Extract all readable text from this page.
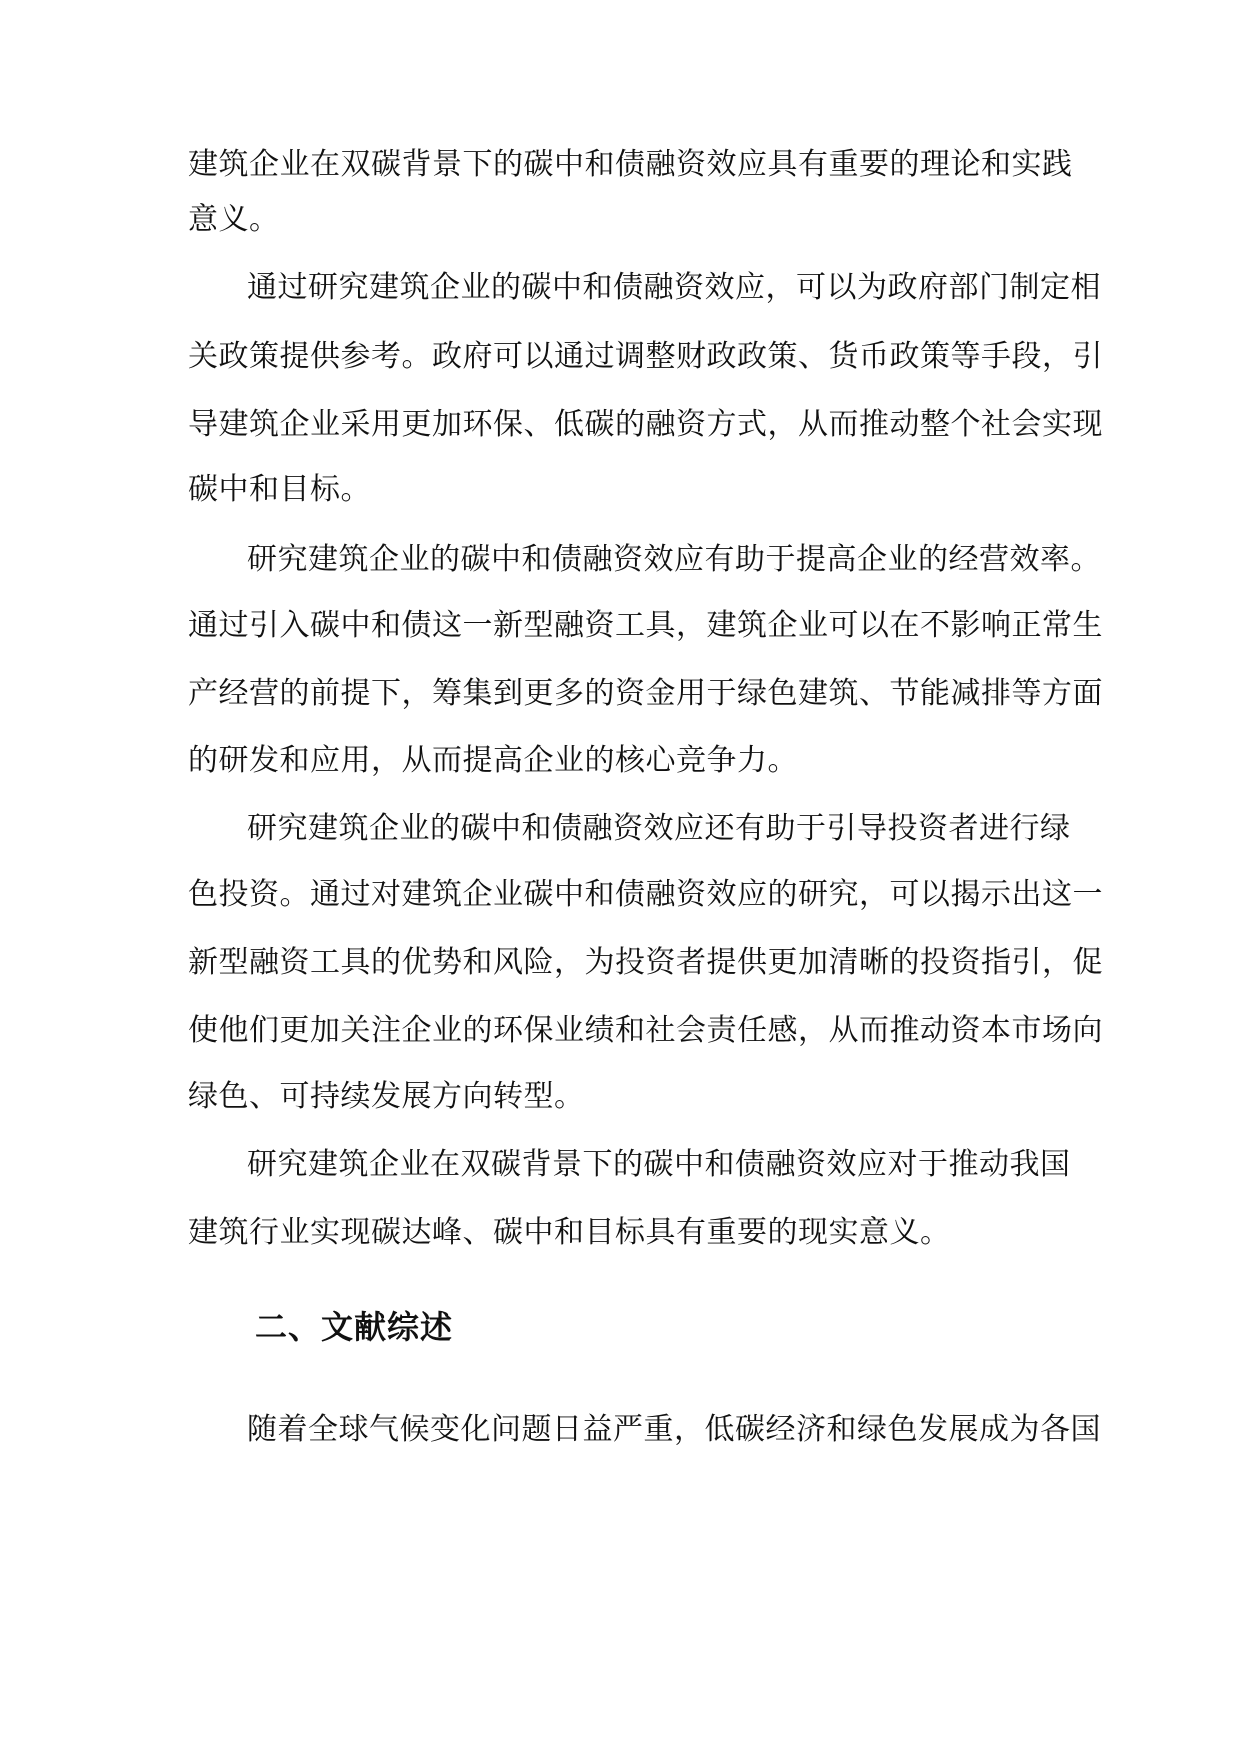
建筑企业在双碳背景下的碳中和债融资效应具有重要的理论和实践
意义。
通过研究建筑企业的碳中和债融资效应，可以为政府部门制定相
关政策提供参考。政府可以通过调整财政政策、货币政策等手段，引
导建筑企业采用更加环保、低碳的融资方式，从而推动整个社会实现
碳中和目标。
研究建筑企业的碳中和债融资效应有助于提高企业的经营效率。
通过引入碳中和债这一新型融资工具，建筑企业可以在不影响正常生
产经营的前提下，筹集到更多的资金用于绿色建筑、节能减排等方面
的研发和应用，从而提高企业的核心竞争力。
研究建筑企业的碳中和债融资效应还有助于引导投资者进行绿
色投资。通过对建筑企业碳中和债融资效应的研究，可以揭示出这一
新型融资工具的优势和风险，为投资者提供更加清晰的投资指引，促
使他们更加关注企业的环保业绩和社会责任感，从而推动资本市场向
绿色、可持续发展方向转型。
研究建筑企业在双碳背景下的碳中和债融资效应对于推动我国
建筑行业实现碳达峰、碳中和目标具有重要的现实意义。
二、文献综述
随着全球气候变化问题日益严重，低碳经济和绿色发展成为各国
